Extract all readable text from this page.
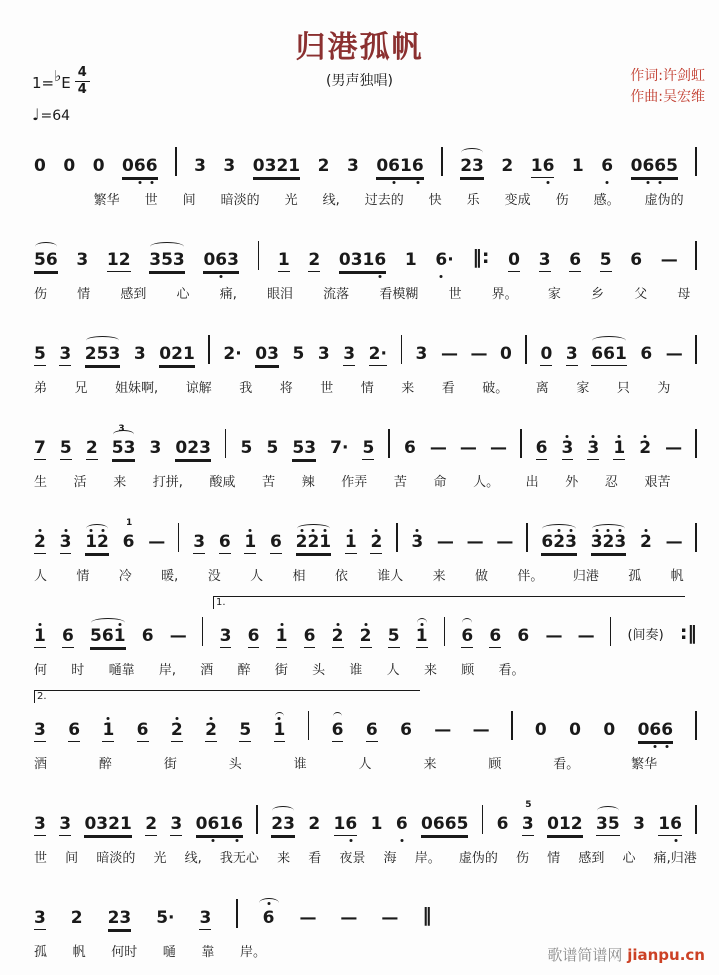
归港孤帆
(男声独唱)
1=♭E $\frac{4}{4}$
♩=64
作词:许剑虹
作曲:吴宏维
0 0 0 066 3 3 0321 2 3 0616 23 2 16 1 6 0665
繁华 世 间 暗淡的 光 线, 过去的 快 乐 变成 伤 感。 虚伪的
56 3 12 353 063 1 2 0316 1 6· ‖: 0 3 6 5 6 —
伤 情 感到 心 痛, 眼泪 流落 看模糊 世 界。 家 乡 父 母
5 3 253 3 021 2· 03 5 3 3 2· 3 — — 0 0 3 661 6 —
弟 兄 姐妹啊, 谅解 我 将 世 情 来 看 破。 离 家 只 为
7 5 2
3
53 3 023 5 5 53 7· 5 6 — — — 6 3 3 1 2 —
生 活 来 打拼, 酸咸 苦 辣 作弄 苦 命 人。 出 外 忍 艰苦
2 3 12
1
6 — 3 6 1 6 221 1 2 3 — — — 623 323 2 —
人 情 冷 暖, 没 人 相 依 谁人 来 做 伴。 归港 孤 帆
1.
1 6 561 6 — 3 6 1 6 2 2 5 1 6 6 6 — —	(间奏) :‖
何 时 嗵靠 岸, 酒 醉 街 头 谁 人 来 顾 看。
2.
3 6 1 6 2 2 5 1	6 6 6 — —	0 0 0 066
酒	醉	街	头	谁	人	来	顾	看。	繁华
3 3 0321 2 3 0616 23 2 16 1 6 0665 6
5
3 012 35 3 16
世 间 暗淡的 光 线, 我无心 来 看 夜景 海 岸。 虚伪的 伤 情 感到 心 痛,归港
3 2 23 5· 3	6 — — — ‖
孤 帆 何时 嗵 靠 岸。	歌谱简谱网 jianpu.cn
